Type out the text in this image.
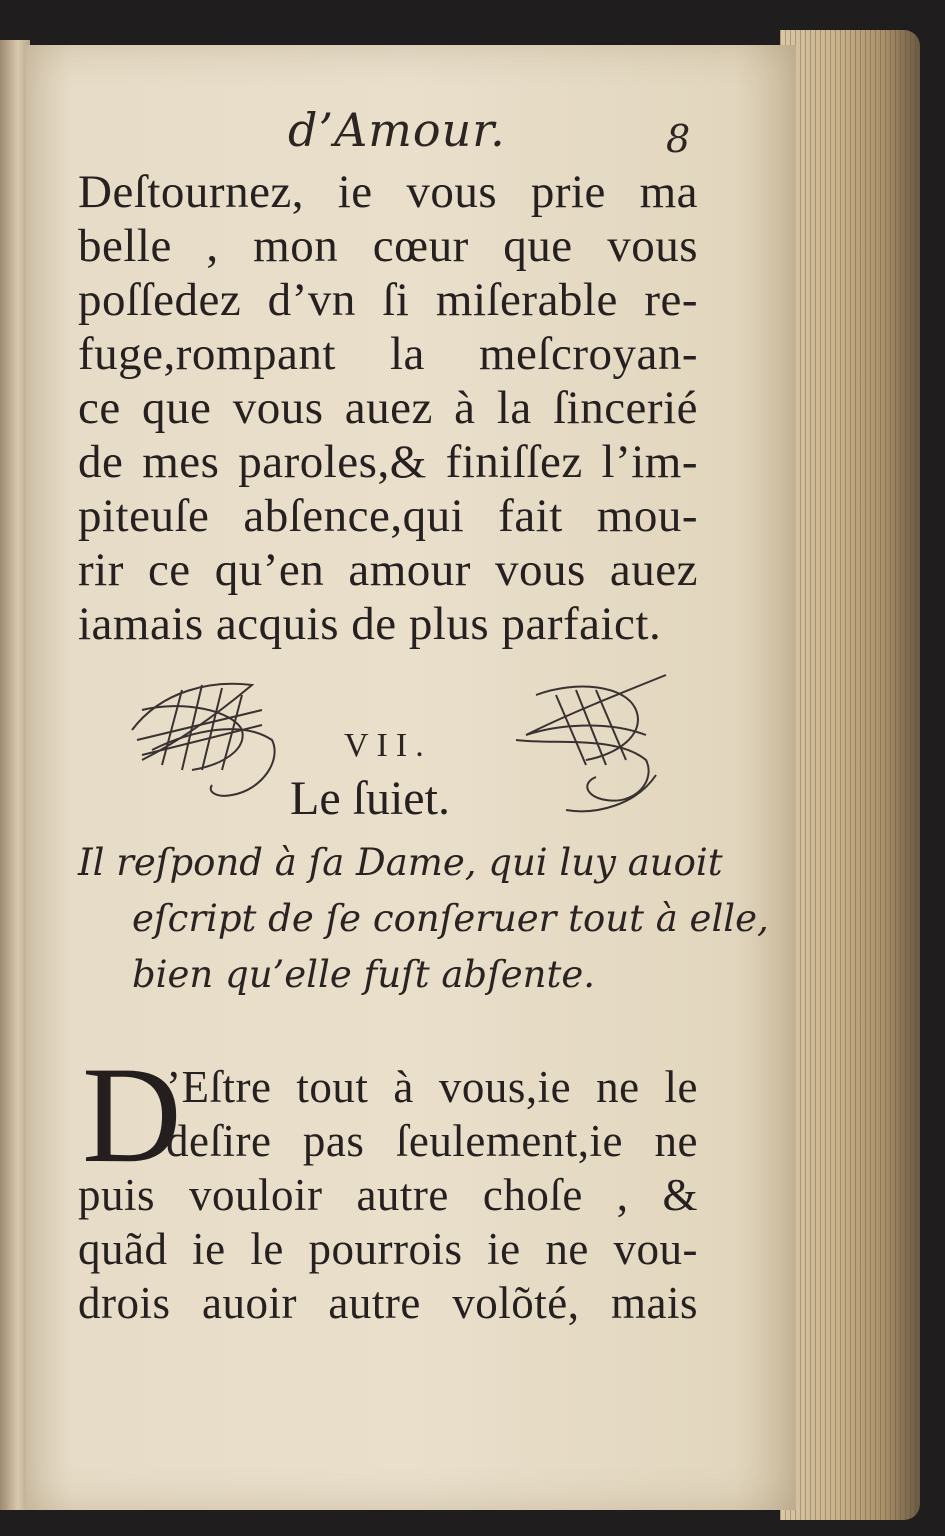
d’Amour.	8
Deſtournez, ie vous prie ma
belle , mon cœur que vous
poſſedez d’vn ſi miſerable re-
fuge,rompant la meſcroyan-
ce que vous auez à la ſincerié
de mes paroles,& finiſſez l’im-
piteuſe abſence,qui fait mou-
rir ce qu’en amour vous auez
iamais acquis de plus parfaict.
VII.
Le ſuiet.
Il reſpond à ſa Dame, qui luy auoit
eſcript de ſe conſeruer tout à elle,
bien qu’elle fuſt abſente.
D
’Eſtre tout à vous,ie ne le
deſire pas ſeulement,ie ne
puis vouloir autre choſe , &
quãd ie le pourrois ie ne vou-
drois auoir autre volõté, mais
